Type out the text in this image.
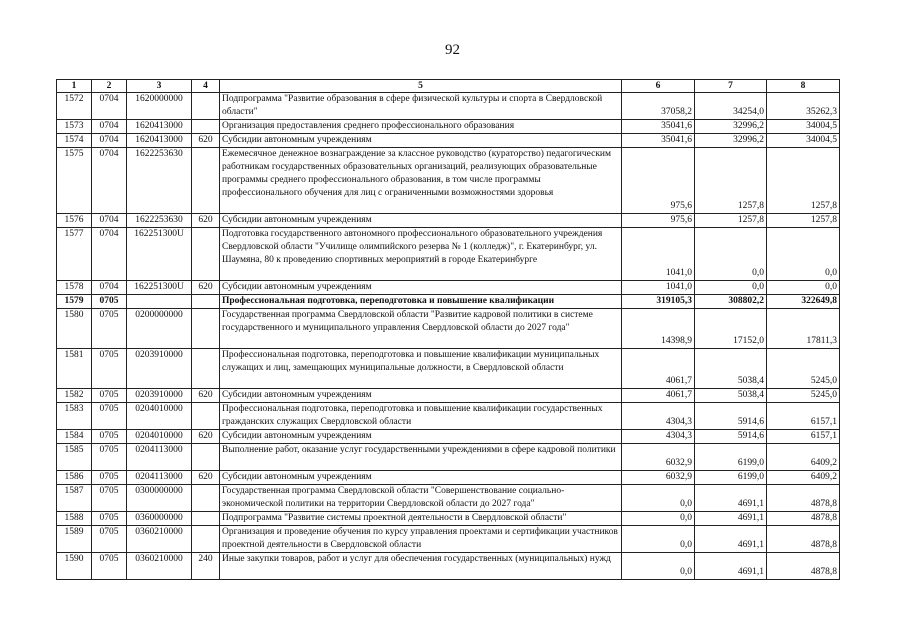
92
1	2	3	4	5	6	7	8
1572	0704	1620000000		Подпрограмма "Развитие образования в сфере физической культуры и спорта в Свердловской области"	37058,2	34254,0	35262,3
1573	0704	1620413000		Организация предоставления среднего профессионального образования	35041,6	32996,2	34004,5
1574	0704	1620413000	620	Субсидии автономным учреждениям	35041,6	32996,2	34004,5
1575	0704	1622253630		Ежемесячное денежное вознаграждение за классное руководство (кураторство) педагогическим работникам государственных образовательных организаций, реализующих образовательные программы среднего профессионального образования, в том числе программы профессионального обучения для лиц с ограниченными возможностями здоровья	975,6	1257,8	1257,8
1576	0704	1622253630	620	Субсидии автономным учреждениям	975,6	1257,8	1257,8
1577	0704	162251300U		Подготовка государственного автономного профессионального образовательного учреждения Свердловской области "Училище олимпийского резерва № 1 (колледж)", г. Екатеринбург, ул. Шаумяна, 80 к проведению спортивных мероприятий в городе Екатеринбурге	1041,0	0,0	0,0
1578	0704	162251300U	620	Субсидии автономным учреждениям	1041,0	0,0	0,0
1579	0705			Профессиональная подготовка, переподготовка и повышение квалификации	319105,3	308802,2	322649,8
1580	0705	0200000000		Государственная программа Свердловской области "Развитие кадровой политики в системе государственного и муниципального управления Свердловской области до 2027 года"	14398,9	17152,0	17811,3
1581	0705	0203910000		Профессиональная подготовка, переподготовка и повышение квалификации муниципальных служащих и лиц, замещающих муниципальные должности, в Свердловской области	4061,7	5038,4	5245,0
1582	0705	0203910000	620	Субсидии автономным учреждениям	4061,7	5038,4	5245,0
1583	0705	0204010000		Профессиональная подготовка, переподготовка и повышение квалификации государственных гражданских служащих Свердловской области	4304,3	5914,6	6157,1
1584	0705	0204010000	620	Субсидии автономным учреждениям	4304,3	5914,6	6157,1
1585	0705	0204113000		Выполнение работ, оказание услуг государственными учреждениями в сфере кадровой политики	6032,9	6199,0	6409,2
1586	0705	0204113000	620	Субсидии автономным учреждениям	6032,9	6199,0	6409,2
1587	0705	0300000000		Государственная программа Свердловской области "Совершенствование социально-экономической политики на территории Свердловской области до 2027 года"	0,0	4691,1	4878,8
1588	0705	0360000000		Подпрограмма "Развитие системы проектной деятельности в Свердловской области"	0,0	4691,1	4878,8
1589	0705	0360210000		Организация и проведение обучения по курсу управления проектами и сертификации участников проектной деятельности в Свердловской области	0,0	4691,1	4878,8
1590	0705	0360210000	240	Иные закупки товаров, работ и услуг для обеспечения государственных (муниципальных) нужд	0,0	4691,1	4878,8
